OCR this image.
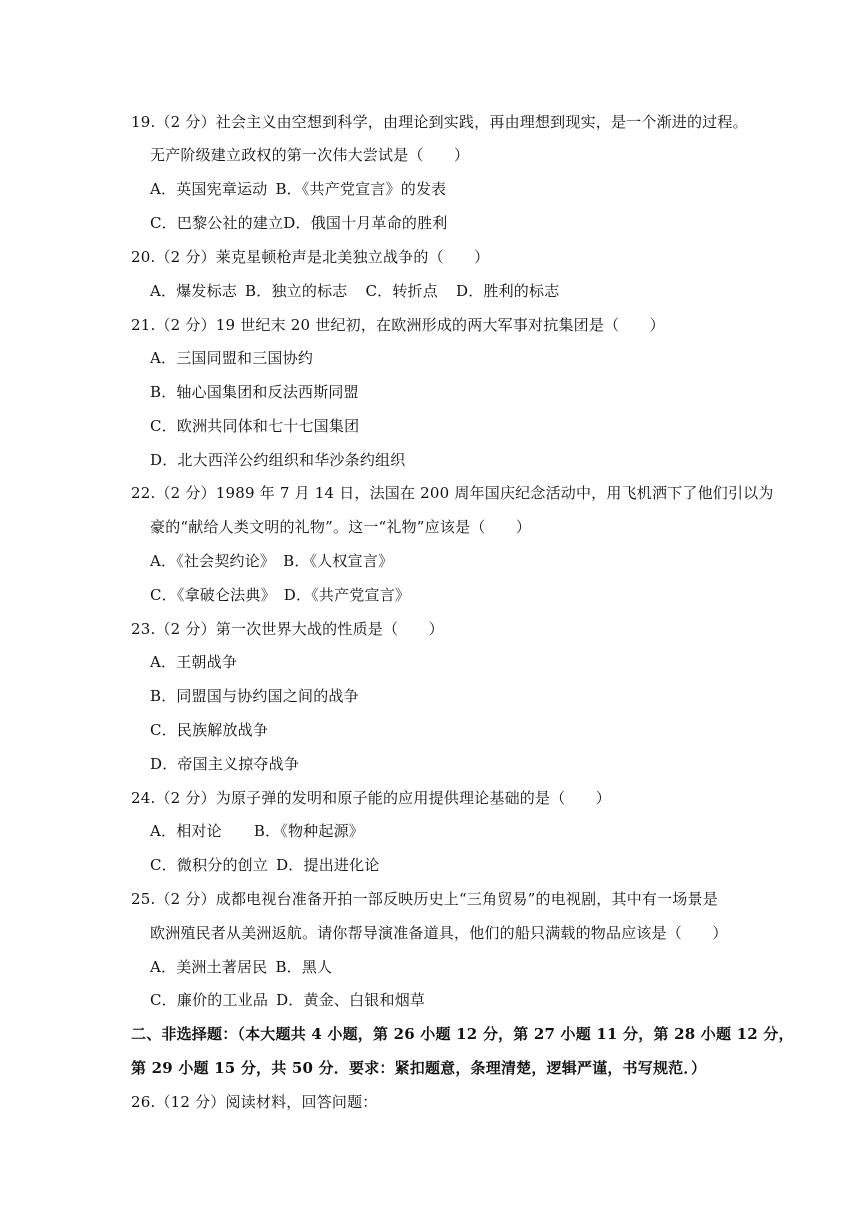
19.（2 分）社会主义由空想到科学，由理论到实践，再由理想到现实，是一个渐进的过程。
无产阶级建立政权的第一次伟大尝试是（　　）
A．英国宪章运动 B．《共产党宣言》的发表
C．巴黎公社的建立D．俄国十月革命的胜利
20.（2 分）莱克星顿枪声是北美独立战争的（　　）
A．爆发标志 B．独立的标志 C．转折点 D．胜利的标志
21.（2 分）19 世纪末 20 世纪初，在欧洲形成的两大军事对抗集团是（　　）
A．三国同盟和三国协约
B．轴心国集团和反法西斯同盟
C．欧洲共同体和七十七国集团
D．北大西洋公约组织和华沙条约组织
22.（2 分）1989 年 7 月 14 日，法国在 200 周年国庆纪念活动中，用飞机洒下了他们引以为
豪的“献给人类文明的礼物”。这一“礼物”应该是（　　）
A．《社会契约论》 B．《人权宣言》
C．《拿破仑法典》 D．《共产党宣言》
23.（2 分）第一次世界大战的性质是（　　）
A．王朝战争
B．同盟国与协约国之间的战争
C．民族解放战争
D．帝国主义掠夺战争
24.（2 分）为原子弹的发明和原子能的应用提供理论基础的是（　　）
A．相对论 B．《物种起源》
C．微积分的创立 D．提出进化论
25.（2 分）成都电视台准备开拍一部反映历史上“三角贸易”的电视剧，其中有一场景是
欧洲殖民者从美洲返航。请你帮导演准备道具，他们的船只满载的物品应该是（　　）
A．美洲土著居民 B．黑人
C．廉价的工业品 D．黄金、白银和烟草
二、非选择题：（本大题共 4 小题，第 26 小题 12 分，第 27 小题 11 分，第 28 小题 12 分，
第 29 小题 15 分，共 50 分．要求：紧扣题意，条理清楚，逻辑严谨，书写规范．）
26.（12 分）阅读材料，回答问题：
